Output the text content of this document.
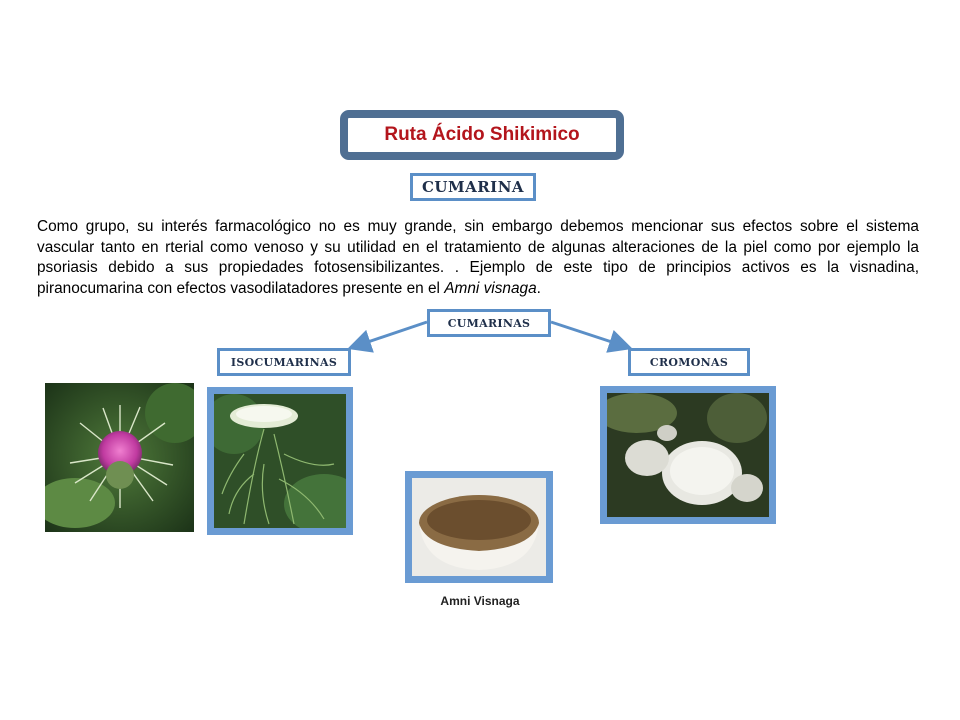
Ruta Ácido Shikimico
CUMARINA
Como grupo, su interés farmacológico no es muy grande, sin embargo debemos mencionar sus efectos sobre el sistema vascular tanto en rterial como venoso y su utilidad en el tratamiento de algunas alteraciones de la piel como por ejemplo la psoriasis debido a sus propiedades fotosensibilizantes. . Ejemplo de este tipo de principios activos es la visnadina, piranocumarina con efectos vasodilatadores presente en el Amni visnaga.
CUMARINAS
ISOCUMARINAS	CROMONAS
Amni Visnaga
